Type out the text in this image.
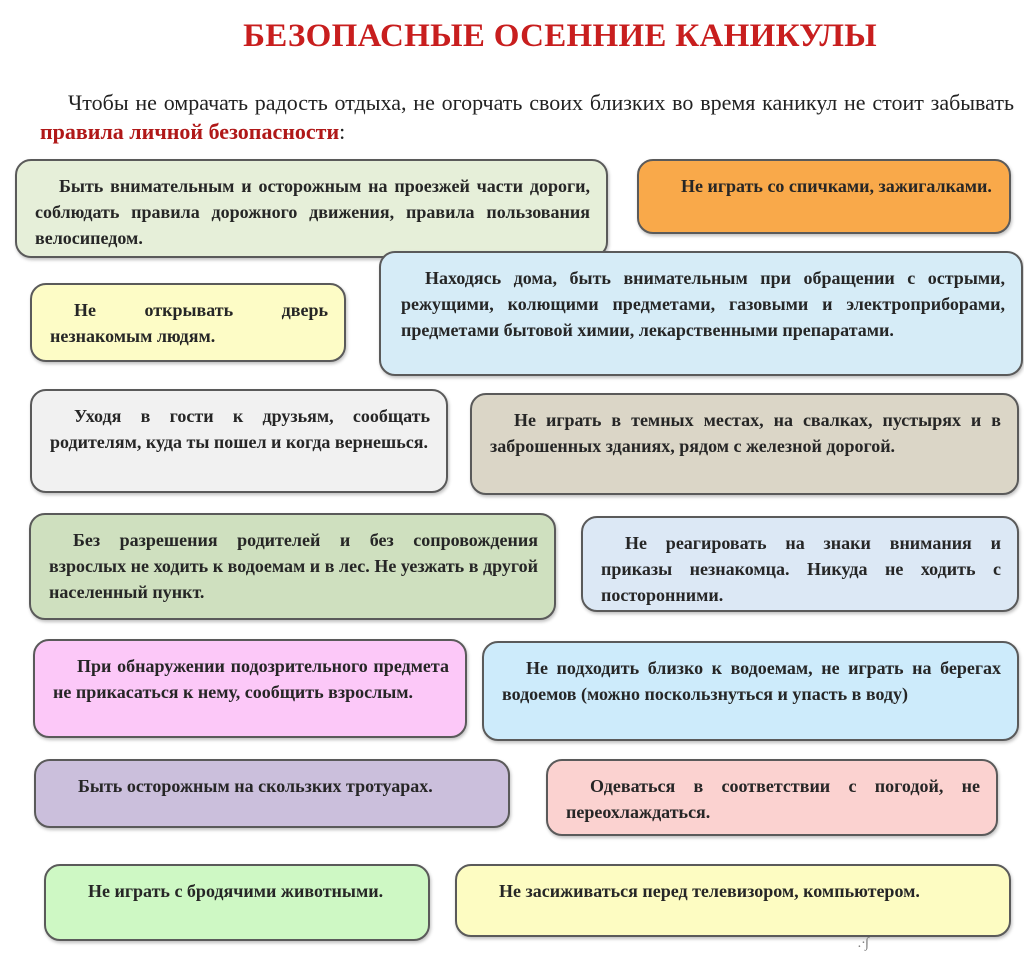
БЕЗОПАСНЫЕ ОСЕННИЕ КАНИКУЛЫ
Чтобы не омрачать радость отдыха, не огорчать своих близких во время каникул не стоит забывать правила личной безопасности:
Быть внимательным и осторожным на проезжей части дороги, соблюдать правила дорожного движения, правила пользования велосипедом.
Не играть со спичками, зажигалками.
Находясь дома, быть внимательным при обращении с острыми, режущими, колющими предметами, газовыми и электроприборами, предметами бытовой химии, лекарственными препаратами.
Не открывать дверь незнакомым людям.
Уходя в гости к друзьям, сообщать родителям, куда ты пошел и когда вернешься.
Не играть в темных местах, на свалках, пустырях и в заброшенных зданиях, рядом с железной дорогой.
Без разрешения родителей и без сопровождения взрослых не ходить к водоемам и в лес. Не уезжать в другой населенный пункт.
Не реагировать на знаки внимания и приказы незнакомца. Никуда не ходить с посторонними.
При обнаружении подозрительного предмета не прикасаться к нему, сообщить взрослым.
Не подходить близко к водоемам, не играть на берегах водоемов (можно поскользнуться и упасть в воду)
Быть осторожным на скользких тротуарах.	Одеваться в соответствии с погодой, не переохлаждаться.
Не играть с бродячими животными.	Не засиживаться перед телевизором, компьютером.
.·∫
